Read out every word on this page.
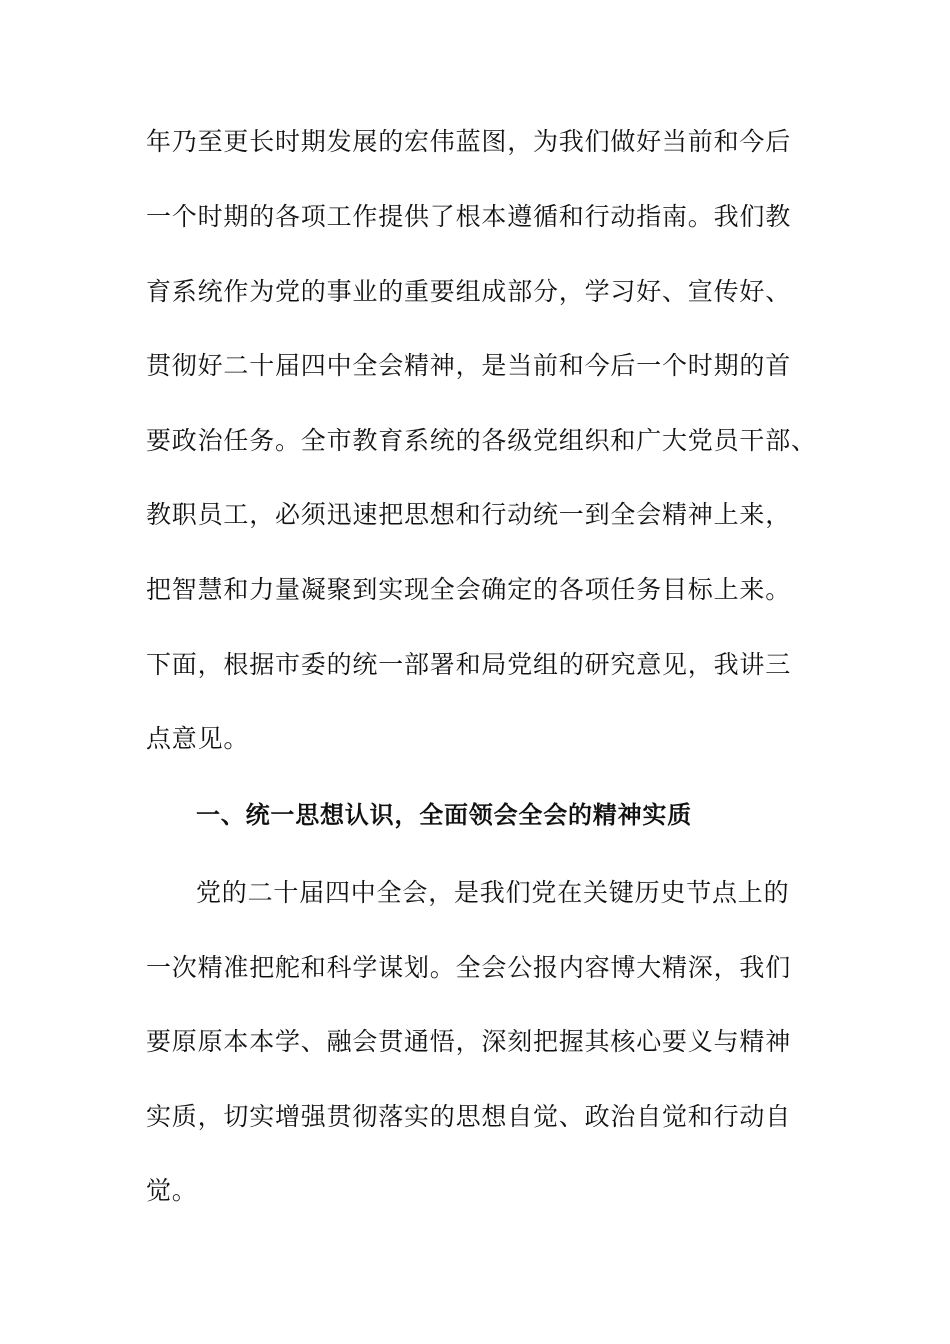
年乃至更长时期发展的宏伟蓝图，为我们做好当前和今后
一个时期的各项工作提供了根本遵循和行动指南。我们教
育系统作为党的事业的重要组成部分，学习好、宣传好、
贯彻好二十届四中全会精神，是当前和今后一个时期的首
要政治任务。全市教育系统的各级党组织和广大党员干部、
教职员工，必须迅速把思想和行动统一到全会精神上来，
把智慧和力量凝聚到实现全会确定的各项任务目标上来。
下面，根据市委的统一部署和局党组的研究意见，我讲三
点意见。
一、统一思想认识，全面领会全会的精神实质
党的二十届四中全会，是我们党在关键历史节点上的
一次精准把舵和科学谋划。全会公报内容博大精深，我们
要原原本本学、融会贯通悟，深刻把握其核心要义与精神
实质，切实增强贯彻落实的思想自觉、政治自觉和行动自
觉。
